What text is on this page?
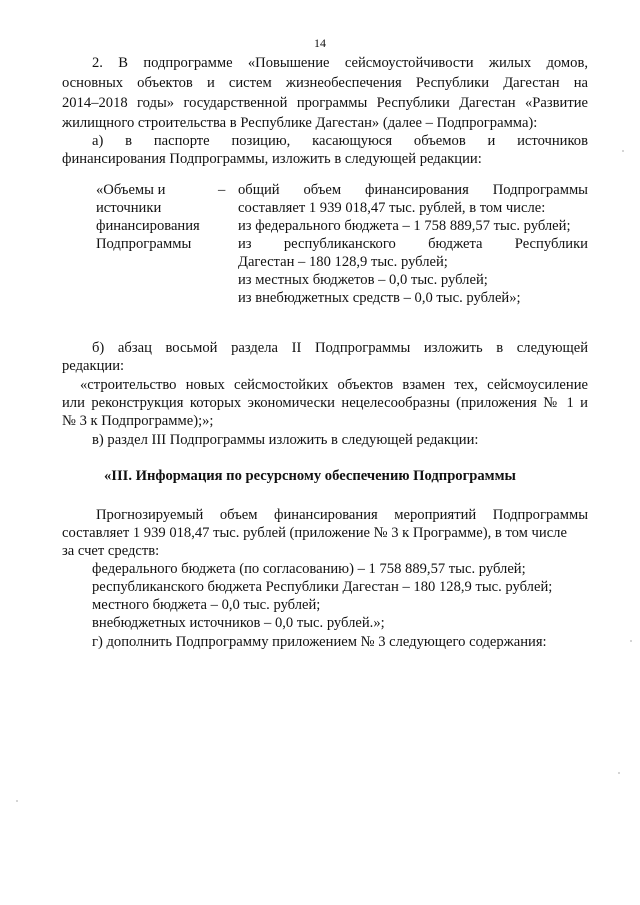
14
2. В подпрограмме «Повышение сейсмоустойчивости жилых домов,
основных объектов и систем жизнеобеспечения Республики Дагестан на
2014–2018 годы» государственной программы Республики Дагестан «Развитие
жилищного строительства в Республике Дагестан» (далее – Подпрограмма):
а) в паспорте позицию, касающуюся объемов и источников
финансирования Подпрограммы, изложить в следующей редакции:
«Объемы и
источники
финансирования
Подпрограммы
– общий объем финансирования Подпрограммы
составляет 1 939 018,47 тыс. рублей, в том числе:
из федерального бюджета – 1 758 889,57 тыс. рублей;
из республиканского бюджета Республики
Дагестан – 180 128,9 тыс. рублей;
из местных бюджетов – 0,0 тыс. рублей;
из внебюджетных средств – 0,0 тыс. рублей»;
б) абзац восьмой раздела II Подпрограммы изложить в следующей
редакции:
«строительство новых сейсмостойких объектов взамен тех, сейсмоусиление
или реконструкция которых экономически нецелесообразны (приложения № 1 и
№ 3 к Подпрограмме);»;
в) раздел III Подпрограммы изложить в следующей редакции:
«III. Информация по ресурсному обеспечению Подпрограммы
Прогнозируемый объем финансирования мероприятий Подпрограммы
составляет 1 939 018,47 тыс. рублей (приложение № 3 к Программе), в том числе
за счет средств:
федерального бюджета (по согласованию) – 1 758 889,57 тыс. рублей;
республиканского бюджета Республики Дагестан – 180 128,9 тыс. рублей;
местного бюджета – 0,0 тыс. рублей;
внебюджетных источников – 0,0 тыс. рублей.»;
г) дополнить Подпрограмму приложением № 3 следующего содержания:
